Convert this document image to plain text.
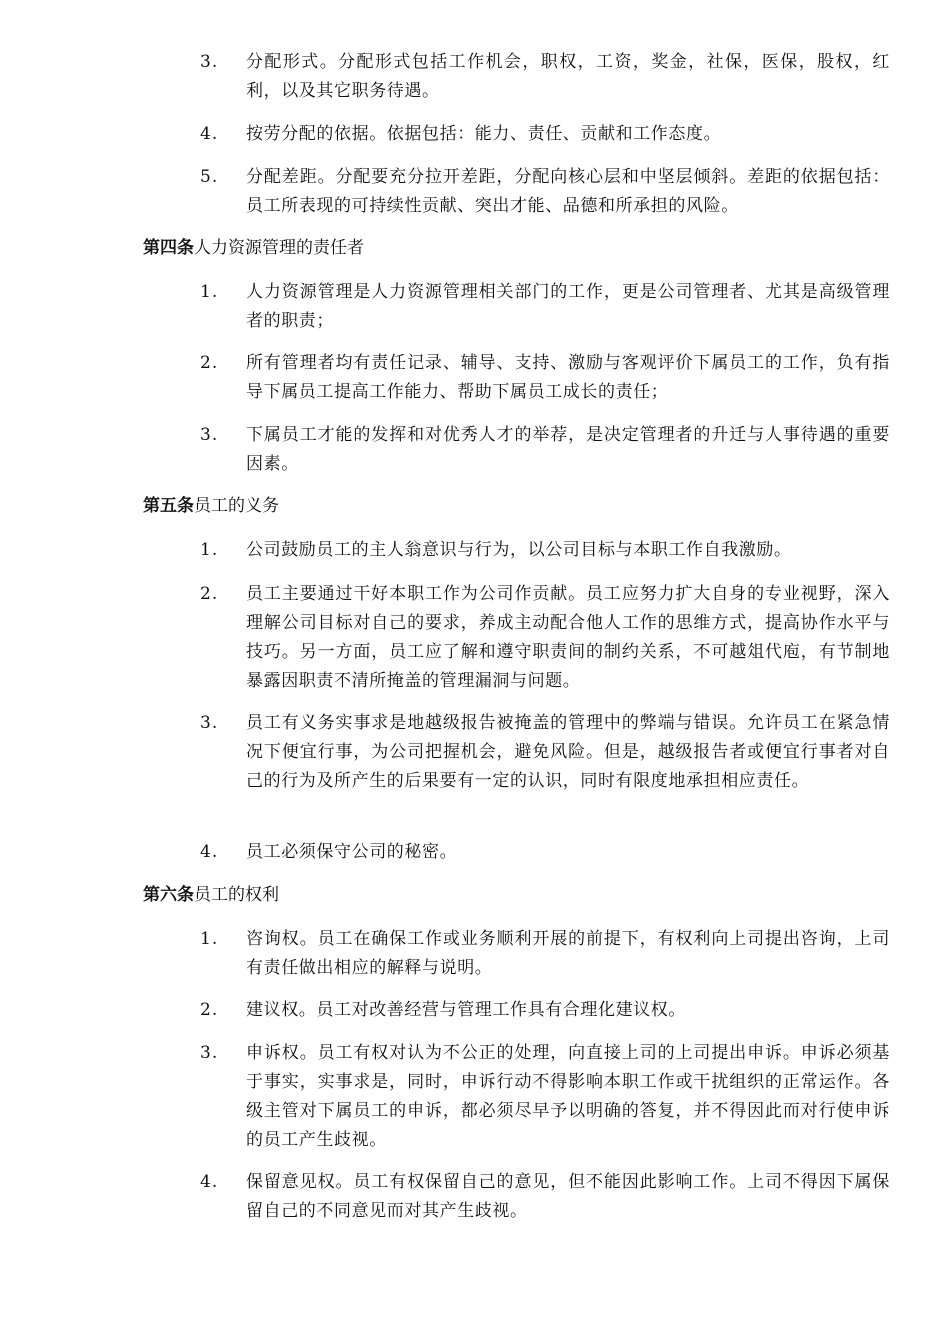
3.	分配形式。分配形式包括工作机会，职权，工资，奖金，社保，医保，股权，红利，以及其它职务待遇。
4.	按劳分配的依据。依据包括：能力、责任、贡献和工作态度。
5.	分配差距。分配要充分拉开差距，分配向核心层和中坚层倾斜。差距的依据包括：员工所表现的可持续性贡献、突出才能、品德和所承担的风险。
第四条人力资源管理的责任者
1.	人力资源管理是人力资源管理相关部门的工作，更是公司管理者、尤其是高级管理者的职责；
2.	所有管理者均有责任记录、辅导、支持、激励与客观评价下属员工的工作，负有指导下属员工提高工作能力、帮助下属员工成长的责任；
3.	下属员工才能的发挥和对优秀人才的举荐，是决定管理者的升迁与人事待遇的重要因素。
第五条员工的义务
1.	公司鼓励员工的主人翁意识与行为，以公司目标与本职工作自我激励。
2.	员工主要通过干好本职工作为公司作贡献。员工应努力扩大自身的专业视野，深入理解公司目标对自己的要求，养成主动配合他人工作的思维方式，提高协作水平与技巧。另一方面，员工应了解和遵守职责间的制约关系，不可越俎代庖，有节制地暴露因职责不清所掩盖的管理漏洞与问题。
3.	员工有义务实事求是地越级报告被掩盖的管理中的弊端与错误。允许员工在紧急情况下便宜行事，为公司把握机会，避免风险。但是，越级报告者或便宜行事者对自己的行为及所产生的后果要有一定的认识，同时有限度地承担相应责任。
4.	员工必须保守公司的秘密。
第六条员工的权利
1.	咨询权。员工在确保工作或业务顺利开展的前提下，有权利向上司提出咨询，上司有责任做出相应的解释与说明。
2.	建议权。员工对改善经营与管理工作具有合理化建议权。
3.	申诉权。员工有权对认为不公正的处理，向直接上司的上司提出申诉。申诉必须基于事实，实事求是，同时，申诉行动不得影响本职工作或干扰组织的正常运作。各级主管对下属员工的申诉，都必须尽早予以明确的答复，并不得因此而对行使申诉的员工产生歧视。
4.	保留意见权。员工有权保留自己的意见，但不能因此影响工作。上司不得因下属保留自己的不同意见而对其产生歧视。
